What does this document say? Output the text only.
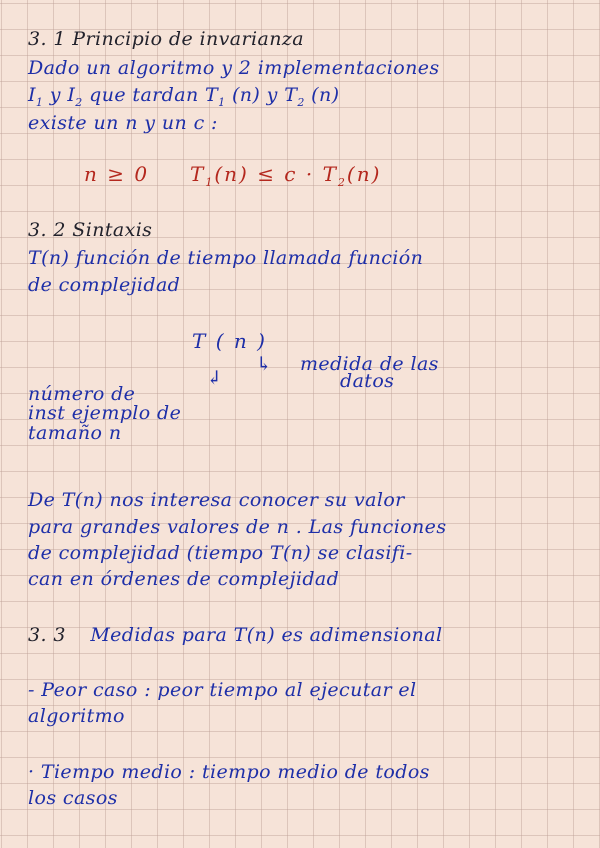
3. 1 Principio de invarianza
Dado un algoritmo y 2 implementaciones
$I_1$ y $I_2$ que tardan $T_1$ (n) y $T_2$ (n)
existe un n y un c :
n ≥ 0 $T_1(n) \le c \cdot T_2(n)$
3. 2 Sintaxis
T(n) función de tiempo llamada función
de complejidad
T ( n )
↳ medida de las
datos
↲
número de
inst ejemplo de
tamaño n
De T(n) nos interesa conocer su valor
para grandes valores de n . Las funciones
de complejidad (tiempo T(n) se clasifi-
can en órdenes de complejidad
3. 3 Medidas para T(n) es adimensional
- Peor caso : peor tiempo al ejecutar el
algoritmo
· Tiempo medio : tiempo medio de todos
los casos
